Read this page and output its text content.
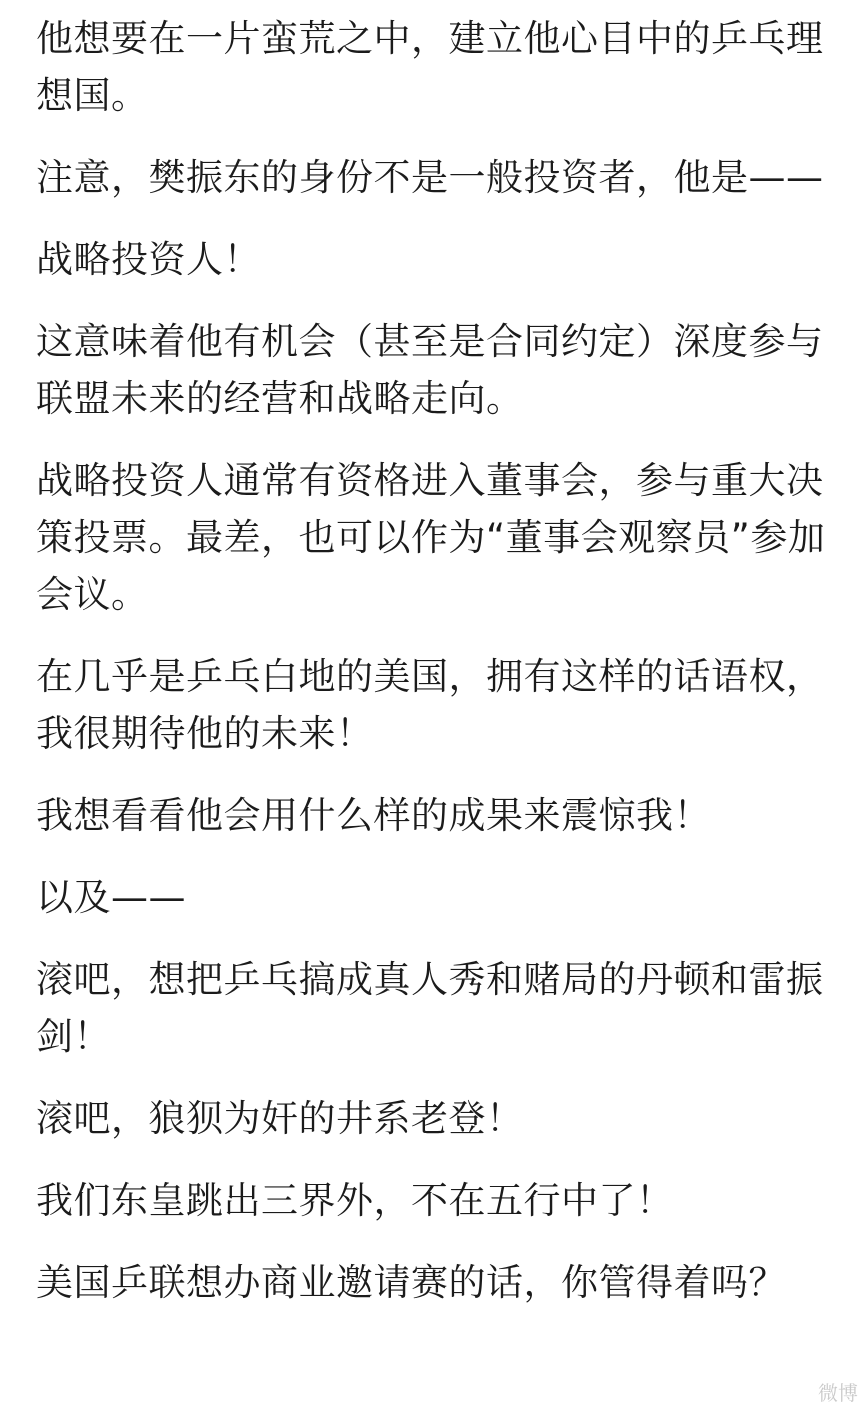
他想要在一片蛮荒之中，建立他心目中的乒乓理想国。

注意，樊振东的身份不是一般投资者，他是——

战略投资人！

这意味着他有机会（甚至是合同约定）深度参与联盟未来的经营和战略走向。

战略投资人通常有资格进入董事会，参与重大决策投票。最差，也可以作为“董事会观察员”参加会议。

在几乎是乒乓白地的美国，拥有这样的话语权，我很期待他的未来！

我想看看他会用什么样的成果来震惊我！

以及——

滚吧，想把乒乓搞成真人秀和赌局的丹顿和雷振剑！

滚吧，狼狈为奸的井系老登！

我们东皇跳出三界外，不在五行中了！

美国乒联想办商业邀请赛的话，你管得着吗？

微博
